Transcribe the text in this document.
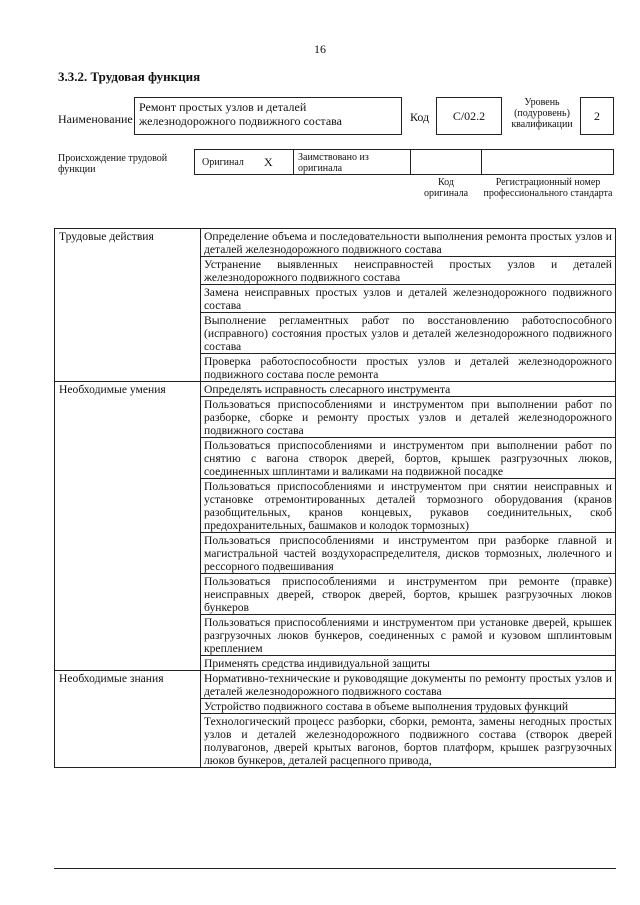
16
3.3.2. Трудовая функция
Наименование
Ремонт простых узлов и деталей железнодорожного подвижного состава	Код	С/02.2
Уровень (подуровень) квалификации
2
Происхождение трудовой функции
Оригинал X	Заимствовано из оригинала
Код оригинала
Регистрационный номер профессионального стандарта
Трудовые действия	Определение объема и последовательности выполнения ремонта простых узлов и деталей железнодорожного подвижного состава
	Устранение выявленных неисправностей простых узлов и деталей железнодорожного подвижного состава
	Замена неисправных простых узлов и деталей железнодорожного подвижного состава
	Выполнение регламентных работ по восстановлению работоспособного (исправного) состояния простых узлов и деталей железнодорожного подвижного состава
	Проверка работоспособности простых узлов и деталей железнодорожного подвижного состава после ремонта
Необходимые умения	Определять исправность слесарного инструмента
	Пользоваться приспособлениями и инструментом при выполнении работ по разборке, сборке и ремонту простых узлов и деталей железнодорожного подвижного состава
	Пользоваться приспособлениями и инструментом при выполнении работ по снятию с вагона створок дверей, бортов, крышек разгрузочных люков, соединенных шплинтами и валиками на подвижной посадке
	Пользоваться приспособлениями и инструментом при снятии неисправных и установке отремонтированных деталей тормозного оборудования (кранов разобщительных, кранов концевых, рукавов соединительных, скоб предохранительных, башмаков и колодок тормозных)
	Пользоваться приспособлениями и инструментом при разборке главной и магистральной частей воздухораспределителя, дисков тормозных, люлечного и рессорного подвешивания
	Пользоваться приспособлениями и инструментом при ремонте (правке) неисправных дверей, створок дверей, бортов, крышек разгрузочных люков бункеров
	Пользоваться приспособлениями и инструментом при установке дверей, крышек разгрузочных люков бункеров, соединенных с рамой и кузовом шплинтовым креплением
	Применять средства индивидуальной защиты
Необходимые знания	Нормативно-технические и руководящие документы по ремонту простых узлов и деталей железнодорожного подвижного состава
	Устройство подвижного состава в объеме выполнения трудовых функций
	Технологический процесс разборки, сборки, ремонта, замены негодных простых узлов и деталей железнодорожного подвижного состава (створок дверей полувагонов, дверей крытых вагонов, бортов платформ, крышек разгрузочных люков бункеров, деталей расцепного привода,
